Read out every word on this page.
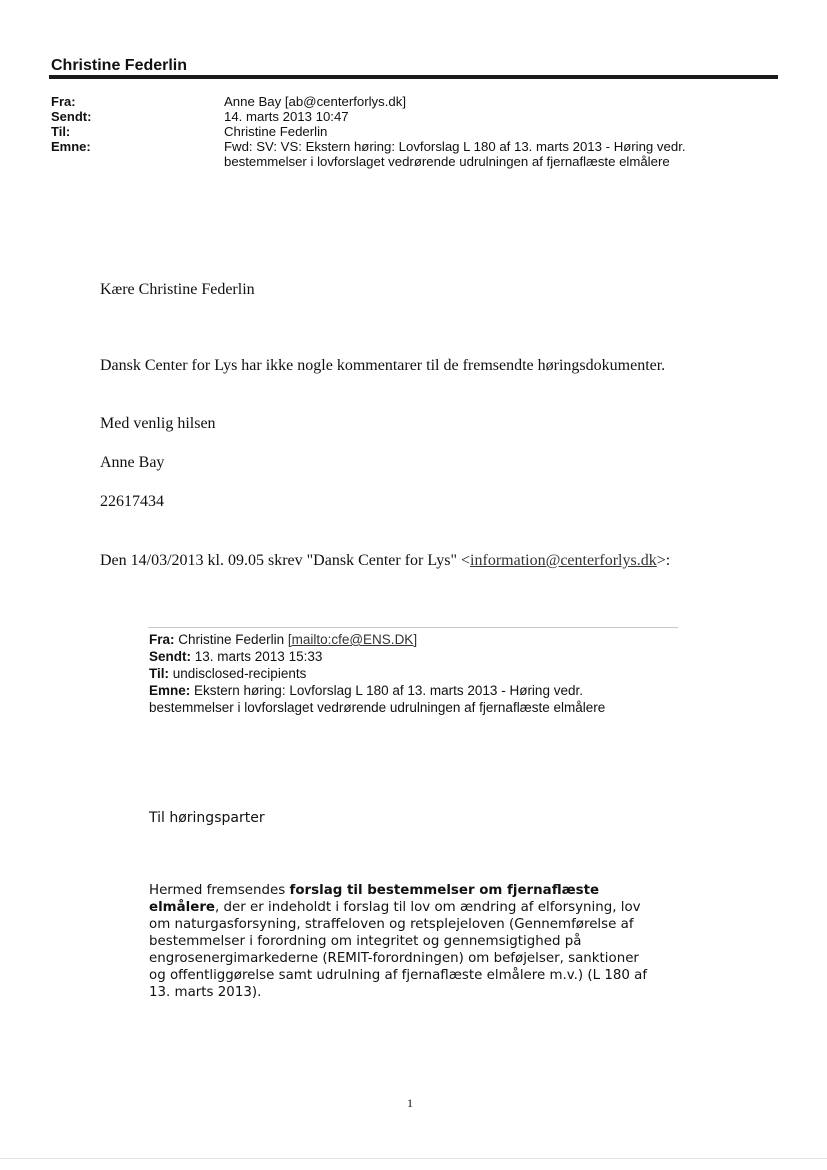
Christine Federlin
Fra:
Sendt:
Til:
Emne:
Anne Bay [ab@centerforlys.dk]
14. marts 2013 10:47
Christine Federlin
Fwd: SV: VS: Ekstern høring: Lovforslag L 180 af 13. marts 2013 - Høring vedr.
bestemmelser i lovforslaget vedrørende udrulningen af fjernaflæste elmålere
Kære Christine Federlin
Dansk Center for Lys har ikke nogle kommentarer til de fremsendte høringsdokumenter.
Med venlig hilsen
Anne Bay
22617434
Den 14/03/2013 kl. 09.05 skrev "Dansk Center for Lys" <information@centerforlys.dk>:
Fra: Christine Federlin [mailto:cfe@ENS.DK]
Sendt: 13. marts 2013 15:33
Til: undisclosed-recipients
Emne: Ekstern høring: Lovforslag L 180 af 13. marts 2013 - Høring vedr.
bestemmelser i lovforslaget vedrørende udrulningen af fjernaflæste elmålere
Til høringsparter
Hermed fremsendes forslag til bestemmelser om fjernaflæste
elmålere, der er indeholdt i forslag til lov om ændring af elforsyning, lov
om naturgasforsyning, straffeloven og retsplejeloven (Gennemførelse af
bestemmelser i forordning om integritet og gennemsigtighed på
engrosenergimarkederne (REMIT-forordningen) om beføjelser, sanktioner
og offentliggørelse samt udrulning af fjernaflæste elmålere m.v.) (L 180 af
13. marts 2013).
1
